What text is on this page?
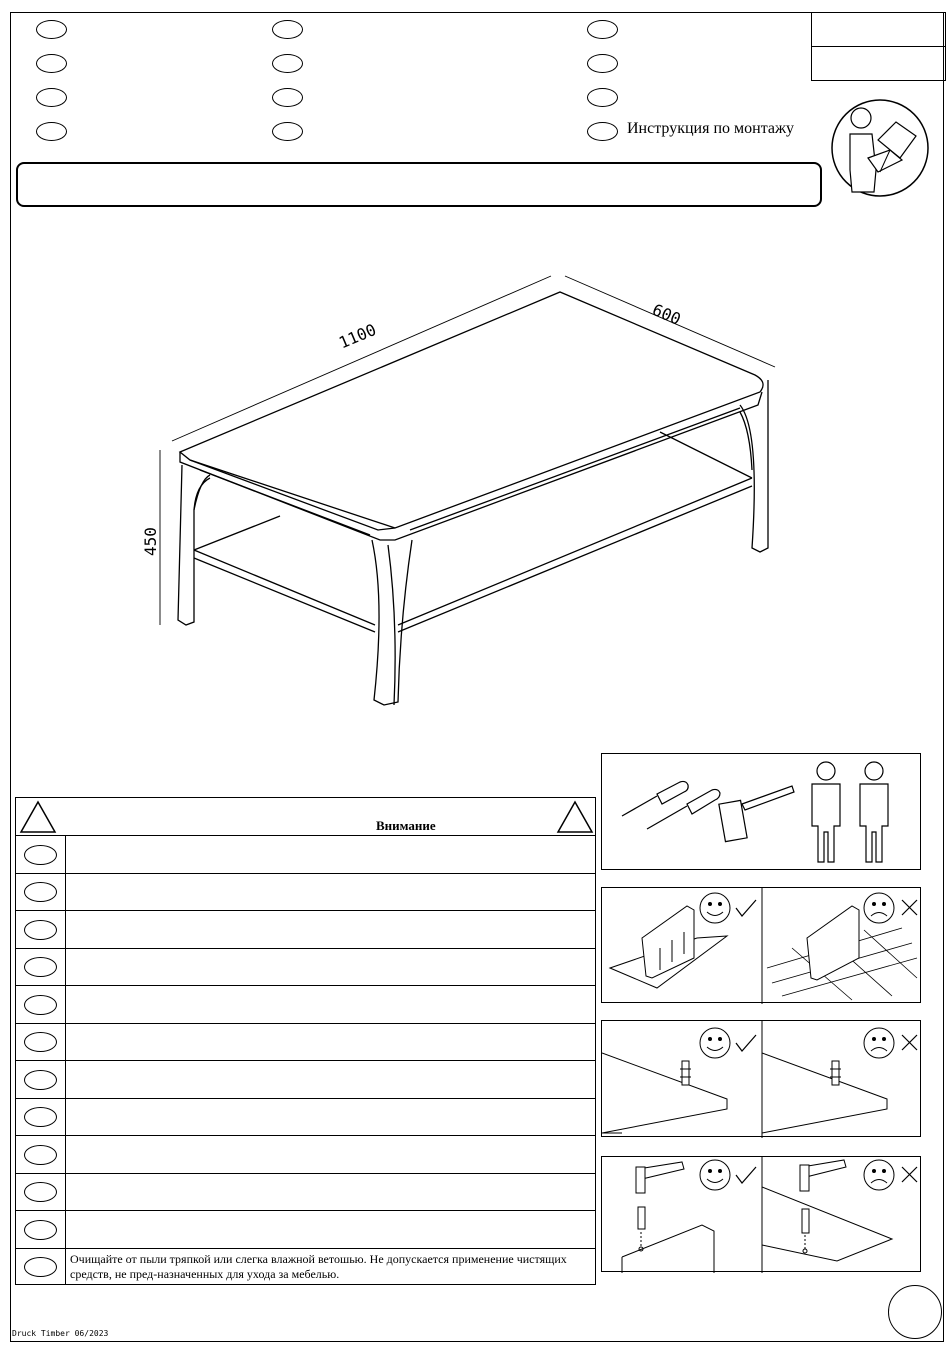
Инструкция по монтажу
1100
600
450
Внимание
Очищайте от пыли тряпкой или слегка влажной ветошью. Не допускается применение чистящих средств, не пред-назначенных для ухода за мебелью.
Druck Timber 06/2023
